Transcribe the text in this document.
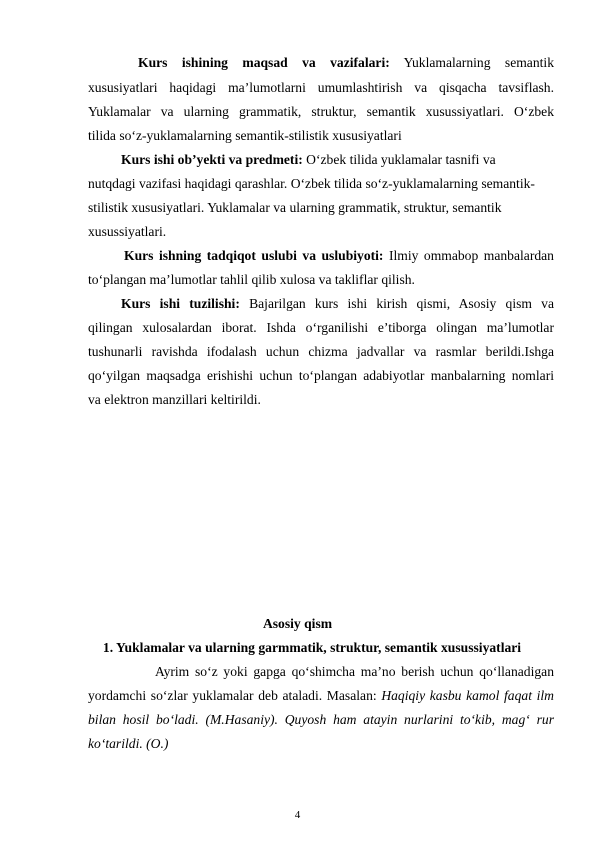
Kurs ishining maqsad va vazifalari: Yuklamalarning semantik
xususiyatlari haqidagi ma’lumotlarni umumlashtirish va qisqacha tavsiflash.
Yuklamalar va ularning grammatik, struktur, semantik xusussiyatlari. O‘zbek
tilida so‘z-yuklamalarning semantik-stilistik xususiyatlari
Kurs ishi ob’yekti va predmeti: O‘zbek tilida yuklamalar tasnifi va
nutqdagi vazifasi haqidagi qarashlar. O‘zbek tilida so‘z-yuklamalarning semantik-
stilistik xususiyatlari. Yuklamalar va ularning grammatik, struktur, semantik
xusussiyatlari.
Kurs ishning tadqiqot uslubi va uslubiyoti: Ilmiy ommabop manbalardan
to‘plangan ma’lumotlar tahlil qilib xulosa va takliflar qilish.
Kurs ishi tuzilishi: Bajarilgan kurs ishi kirish qismi, Asosiy qism va
qilingan xulosalardan iborat. Ishda o‘rganilishi e’tiborga olingan ma’lumotlar
tushunarli ravishda ifodalash uchun chizma jadvallar va rasmlar berildi.Ishga
qo‘yilgan maqsadga erishishi uchun to‘plangan adabiyotlar manbalarning nomlari
va elektron manzillari keltirildi.
Asosiy qism
1. Yuklamalar va ularning garmmatik, struktur, semantik xusussiyatlari
Ayrim so‘z yoki gapga qo‘shimcha ma’no berish uchun qo‘llanadigan
yordamchi so‘zlar yuklamalar deb ataladi. Masalan: Haqiqiy kasbu kamol faqat ilm
bilan hosil bo‘ladi. (M.Hasaniy). Quyosh ham atayin nurlarini to‘kib, mag‘ rur
ko‘tarildi. (O.)
4
